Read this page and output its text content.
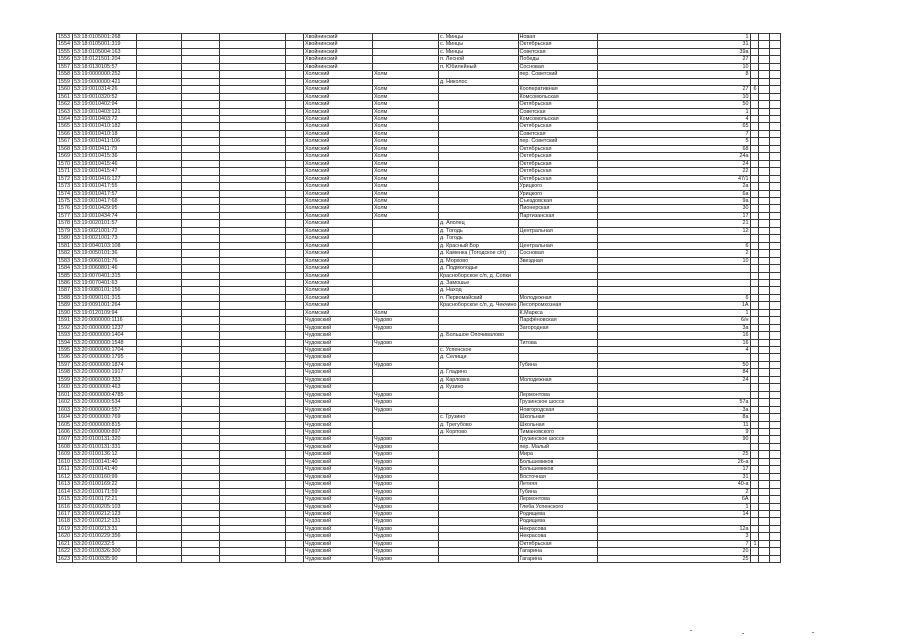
1553	53:18:0105001:268					Хвойнинский		с. Минцы	Новая	1			
1554	53:18:0105001:319					Хвойнинский		с. Минцы	Октябрьская	31			
1555	53:18:0105004:163					Хвойнинский		с. Минцы	Советская	39а			
1556	53:18:0121501:204					Хвойнинский		п. Лесной	Победы	27			
1557	53:18:0130105:57					Хвойнинский		п. Юбилейный	Сосновая	10			
1558	53:19:0000000:252					Холмский	Холм		пер. Советский	8			
1559	53:19:0000000:421					Холмский		д. Николос					
1560	53:19:0010314:26					Холмский	Холм		Кооперативная	27	6		
1561	53:19:0010320:52					Холмский	Холм		Комсомольская	10			
1562	53:19:0010402:94					Холмский	Холм		Октябрьская	50			
1563	53:19:0010403:121					Холмский	Холм		Советская	1			
1564	53:19:0010403:72					Холмский	Холм		Комсомольская	4			
1565	53:19:0010410:182					Холмский	Холм		Октябрьская	65			
1566	53:19:0010410:18					Холмский	Холм		Советская	7			
1567	53:19:0010411:106					Холмский	Холм		пер. Советский	5			
1568	53:19:0010411:79					Холмский	Холм		Октябрьская	68			
1569	53:19:0010415:36					Холмский	Холм		Октябрьская	24а			
1570	53:19:0010415:46					Холмский	Холм		Октябрьская	24			
1571	53:19:0010415:47					Холмский	Холм		Октябрьская	22			
1572	53:19:0010416:127					Холмский	Холм		Октябрьская	47/1			
1573	53:19:0010417:55					Холмский	Холм		Урицкого	2а			
1574	53:19:0010417:57					Холмский	Холм		Урицкого	6а			
1575	53:19:0010417:68					Холмский	Холм		Съездовская	9а			
1576	53:19:0010429:95					Холмский	Холм		Пионерская	30			
1577	53:19:0010434:74					Холмский	Холм		Партизанская	17			
1578	53:19:0020101:57					Холмский		д. Аполец		21			
1579	53:19:0021001:72					Холмский		д. Тогодь	Центральная	12			
1580	53:19:0021001:73					Холмский		д. Тогодь					
1581	53:19:0040103:108					Холмский		д. Красный Бор	Центральная	6			
1582	53:19:0050101:36					Холмский		д. Каменка (Тогодское с/п)	Сосновая	2			
1583	53:19:0060101:76					Холмский		д. Морхово	Звездная	10			
1584	53:19:0060801:46					Холмский		д. Подмолодье					
1585	53:19:0070401:315					Холмский		Красноборское с/п, д. Сопки					
1586	53:19:0070401:63					Холмский		д. Замошье					
1587	53:19:0080101:156					Холмский		д. Наход					
1588	53:19:0090101:315					Холмский		п. Первомайский	Молодежная	6			
1589	53:19:0091001:264					Холмский		Красноборское с/п, д. Чекчино	Лесопромхозная	1А			
1590	53:19:0120109:94					Холмский	Холм		К.Маркса	1			
1591	53:20:0000000:1116					Чудовский	Чудово		Парфёновская	6/н			
1592	53:20:0000000:1237					Чудовский	Чудово		Загородная	3а			
1593	53:20:0000000:1404					Чудовский		д. Большое Опочивалово		16			
1594	53:20:0000000:1548					Чудовский	Чудово		Титова	16			
1595	53:20:0000000:1704					Чудовский		с. Успенское		4			
1596	53:20:0000000:1795					Чудовский		д. Селищи					
1597	53:20:0000000:1874					Чудовский	Чудово		Губина	50			
1598	53:20:0000000:1917					Чудовский		д. Гладино		84			
1599	53:20:0000000:333					Чудовский		д. Карловка	Молодежная	24			
1600	53:20:0000000:463					Чудовский		д. Кузино					
1601	53:20:0000000:4785					Чудовский	Чудово		Лермонтова				
1602	53:20:0000000:534					Чудовский	Чудово		Грузинское шоссе	57а			
1603	53:20:0000000:557					Чудовский	Чудово		Новгородская	3а			
1604	53:20:0000000:769					Чудовский		с. Грузино	Школьная	8а			
1605	53:20:0000000:815					Чудовский		д. Трегубово	Школьная	11			
1606	53:20:0000000:897					Чудовский		д. Корпово	Тимановского	9			
1607	53:20:0100131:320					Чудовский	Чудово		Грузинское шоссе	90			
1608	53:20:0100131:331					Чудовский	Чудово		пер. Малый				
1609	53:20:0100136:12					Чудовский	Чудово		Мира	25			
1610	53:20:0100141:40					Чудовский	Чудово		Большевиков	26-а			
1611	53:20:0100141:40					Чудовский	Чудово		Большевиков	17			
1612	53:20:0100160:99					Чудовский	Чудово		Восточная	31			
1613	53:20:0100169:22					Чудовский	Чудово		Летняя	40-а			
1614	53:20:0100171:59					Чудовский	Чудово		Губина	2			
1615	53:20:0100172:21					Чудовский	Чудово		Лермонтова	6А			
1616	53:20:0100205:103					Чудовский	Чудово		Глеба Успенского	1			
1617	53:20:0100212:123					Чудовский	Чудово		Родищева	14			
1618	53:20:0100212:131					Чудовский	Чудово		Родищева				
1619	53:20:0100213:31					Чудовский	Чудово		Некрасова	12а			
1620	53:20:0100229:356					Чудовский	Чудово		Некрасова	3			
1621	53:20:0100232:5					Чудовский	Чудово		Октябрьская	7	1		
1622	53:20:0100326:300					Чудовский	Чудово		Гагарина	20			
1623	53:20:0100335:90					Чудовский	Чудово		Гагарина	25			
